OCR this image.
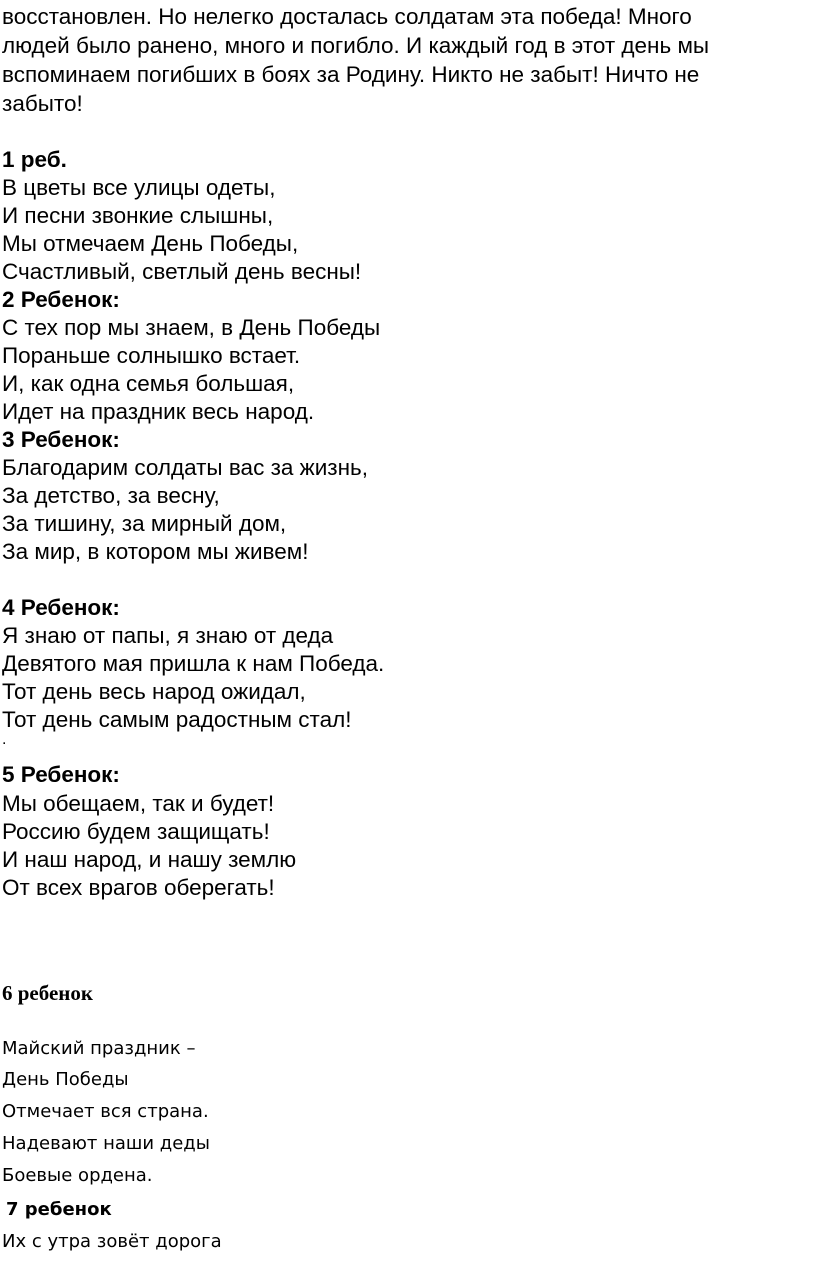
восстановлен. Но нелегко досталась солдатам эта победа! Много
людей было ранено, много и погибло. И каждый год в этот день мы
вспоминаем погибших в боях за Родину. Никто не забыт! Ничто не
забыто!
1 реб.
В цветы все улицы одеты,
И песни звонкие слышны,
Мы отмечаем День Победы,
Счастливый, светлый день весны!
2 Ребенок:
С тех пор мы знаем, в День Победы
Пораньше солнышко встает.
И, как одна семья большая,
Идет на праздник весь народ.
3 Ребенок:
Благодарим солдаты вас за жизнь,
За детство, за весну,
За тишину, за мирный дом,
За мир, в котором мы живем!
4 Ребенок:
Я знаю от папы, я знаю от деда
Девятого мая пришла к нам Победа.
Тот день весь народ ожидал,
Тот день самым радостным стал!
.
5 Ребенок:
Мы обещаем, так и будет!
Россию будем защищать!
И наш народ, и нашу землю
От всех врагов оберегать!
6 ребенок
Майский праздник –
День Победы
Отмечает вся страна.
Надевают наши деды
Боевые ордена.
7 ребенок
Их с утра зовёт дорога
